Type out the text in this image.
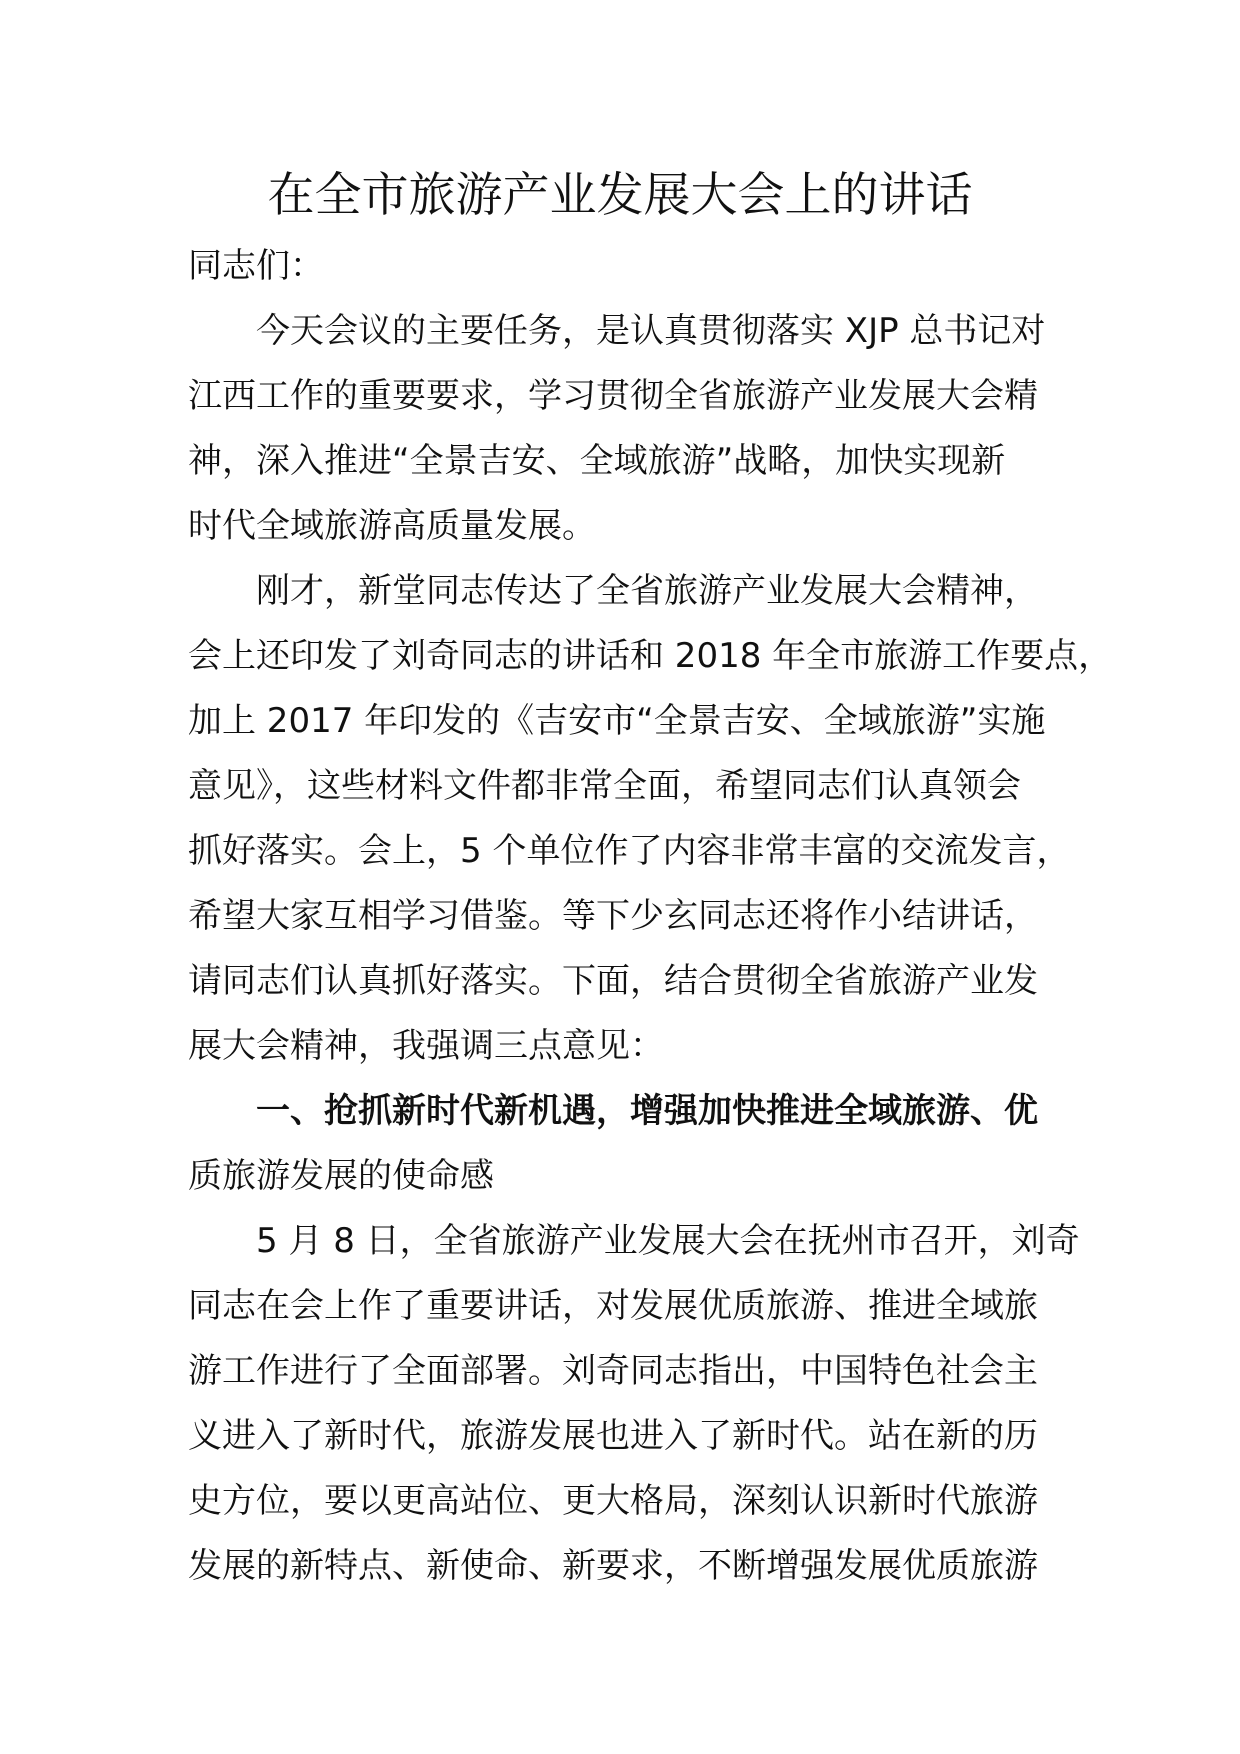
在全市旅游产业发展大会上的讲话
同志们：
今天会议的主要任务，是认真贯彻落实 XJP 总书记对
江西工作的重要要求，学习贯彻全省旅游产业发展大会精
神，深入推进“全景吉安、全域旅游”战略，加快实现新
时代全域旅游高质量发展。
刚才，新堂同志传达了全省旅游产业发展大会精神，
会上还印发了刘奇同志的讲话和 2018 年全市旅游工作要点，
加上 2017 年印发的《吉安市“全景吉安、全域旅游”实施
意见》，这些材料文件都非常全面，希望同志们认真领会
抓好落实。会上，5 个单位作了内容非常丰富的交流发言，
希望大家互相学习借鉴。等下少玄同志还将作小结讲话，
请同志们认真抓好落实。下面，结合贯彻全省旅游产业发
展大会精神，我强调三点意见：
一、抢抓新时代新机遇，增强加快推进全域旅游、优
质旅游发展的使命感
5 月 8 日，全省旅游产业发展大会在抚州市召开，刘奇
同志在会上作了重要讲话，对发展优质旅游、推进全域旅
游工作进行了全面部署。刘奇同志指出，中国特色社会主
义进入了新时代，旅游发展也进入了新时代。站在新的历
史方位，要以更高站位、更大格局，深刻认识新时代旅游
发展的新特点、新使命、新要求，不断增强发展优质旅游
